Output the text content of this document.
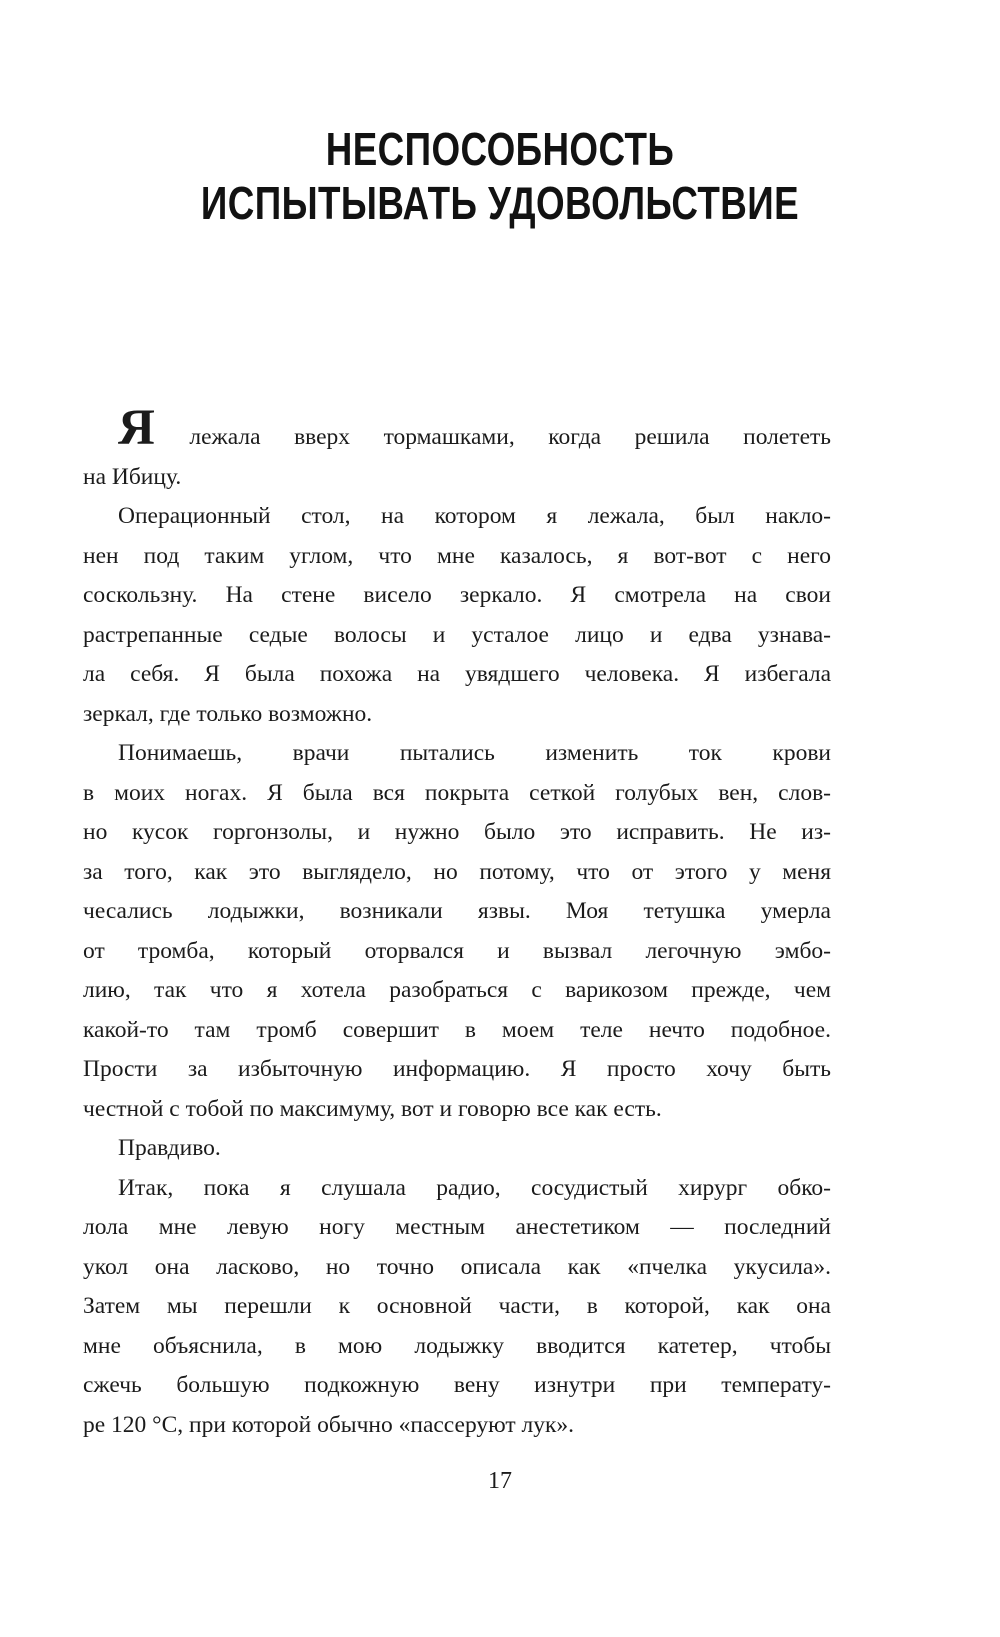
НЕСПОСОБНОСТЬ
ИСПЫТЫВАТЬ УДОВОЛЬСТВИЕ
Я лежала вверх тормашками, когда решила полететь
на Ибицу.
Операционный стол, на котором я лежала, был накло-
нен под таким углом, что мне казалось, я вот-вот с него
соскользну. На стене висело зеркало. Я смотрела на свои
растрепанные седые волосы и усталое лицо и едва узнава-
ла себя. Я была похожа на увядшего человека. Я избегала
зеркал, где только возможно.
Понимаешь, врачи пытались изменить ток крови
в моих ногах. Я была вся покрыта сеткой голубых вен, слов-
но кусок горгонзолы, и нужно было это исправить. Не из-
за того, как это выглядело, но потому, что от этого у меня
чесались лодыжки, возникали язвы. Моя тетушка умерла
от тромба, который оторвался и вызвал легочную эмбо-
лию, так что я хотела разобраться с варикозом прежде, чем
какой-то там тромб совершит в моем теле нечто подобное.
Прости за избыточную информацию. Я просто хочу быть
честной с тобой по максимуму, вот и говорю все как есть.
Правдиво.
Итак, пока я слушала радио, сосудистый хирург обко-
лола мне левую ногу местным анестетиком — последний
укол она ласково, но точно описала как «пчелка укусила».
Затем мы перешли к основной части, в которой, как она
мне объяснила, в мою лодыжку вводится катетер, чтобы
сжечь большую подкожную вену изнутри при температу-
ре 120 °C, при которой обычно «пассеруют лук».
17
